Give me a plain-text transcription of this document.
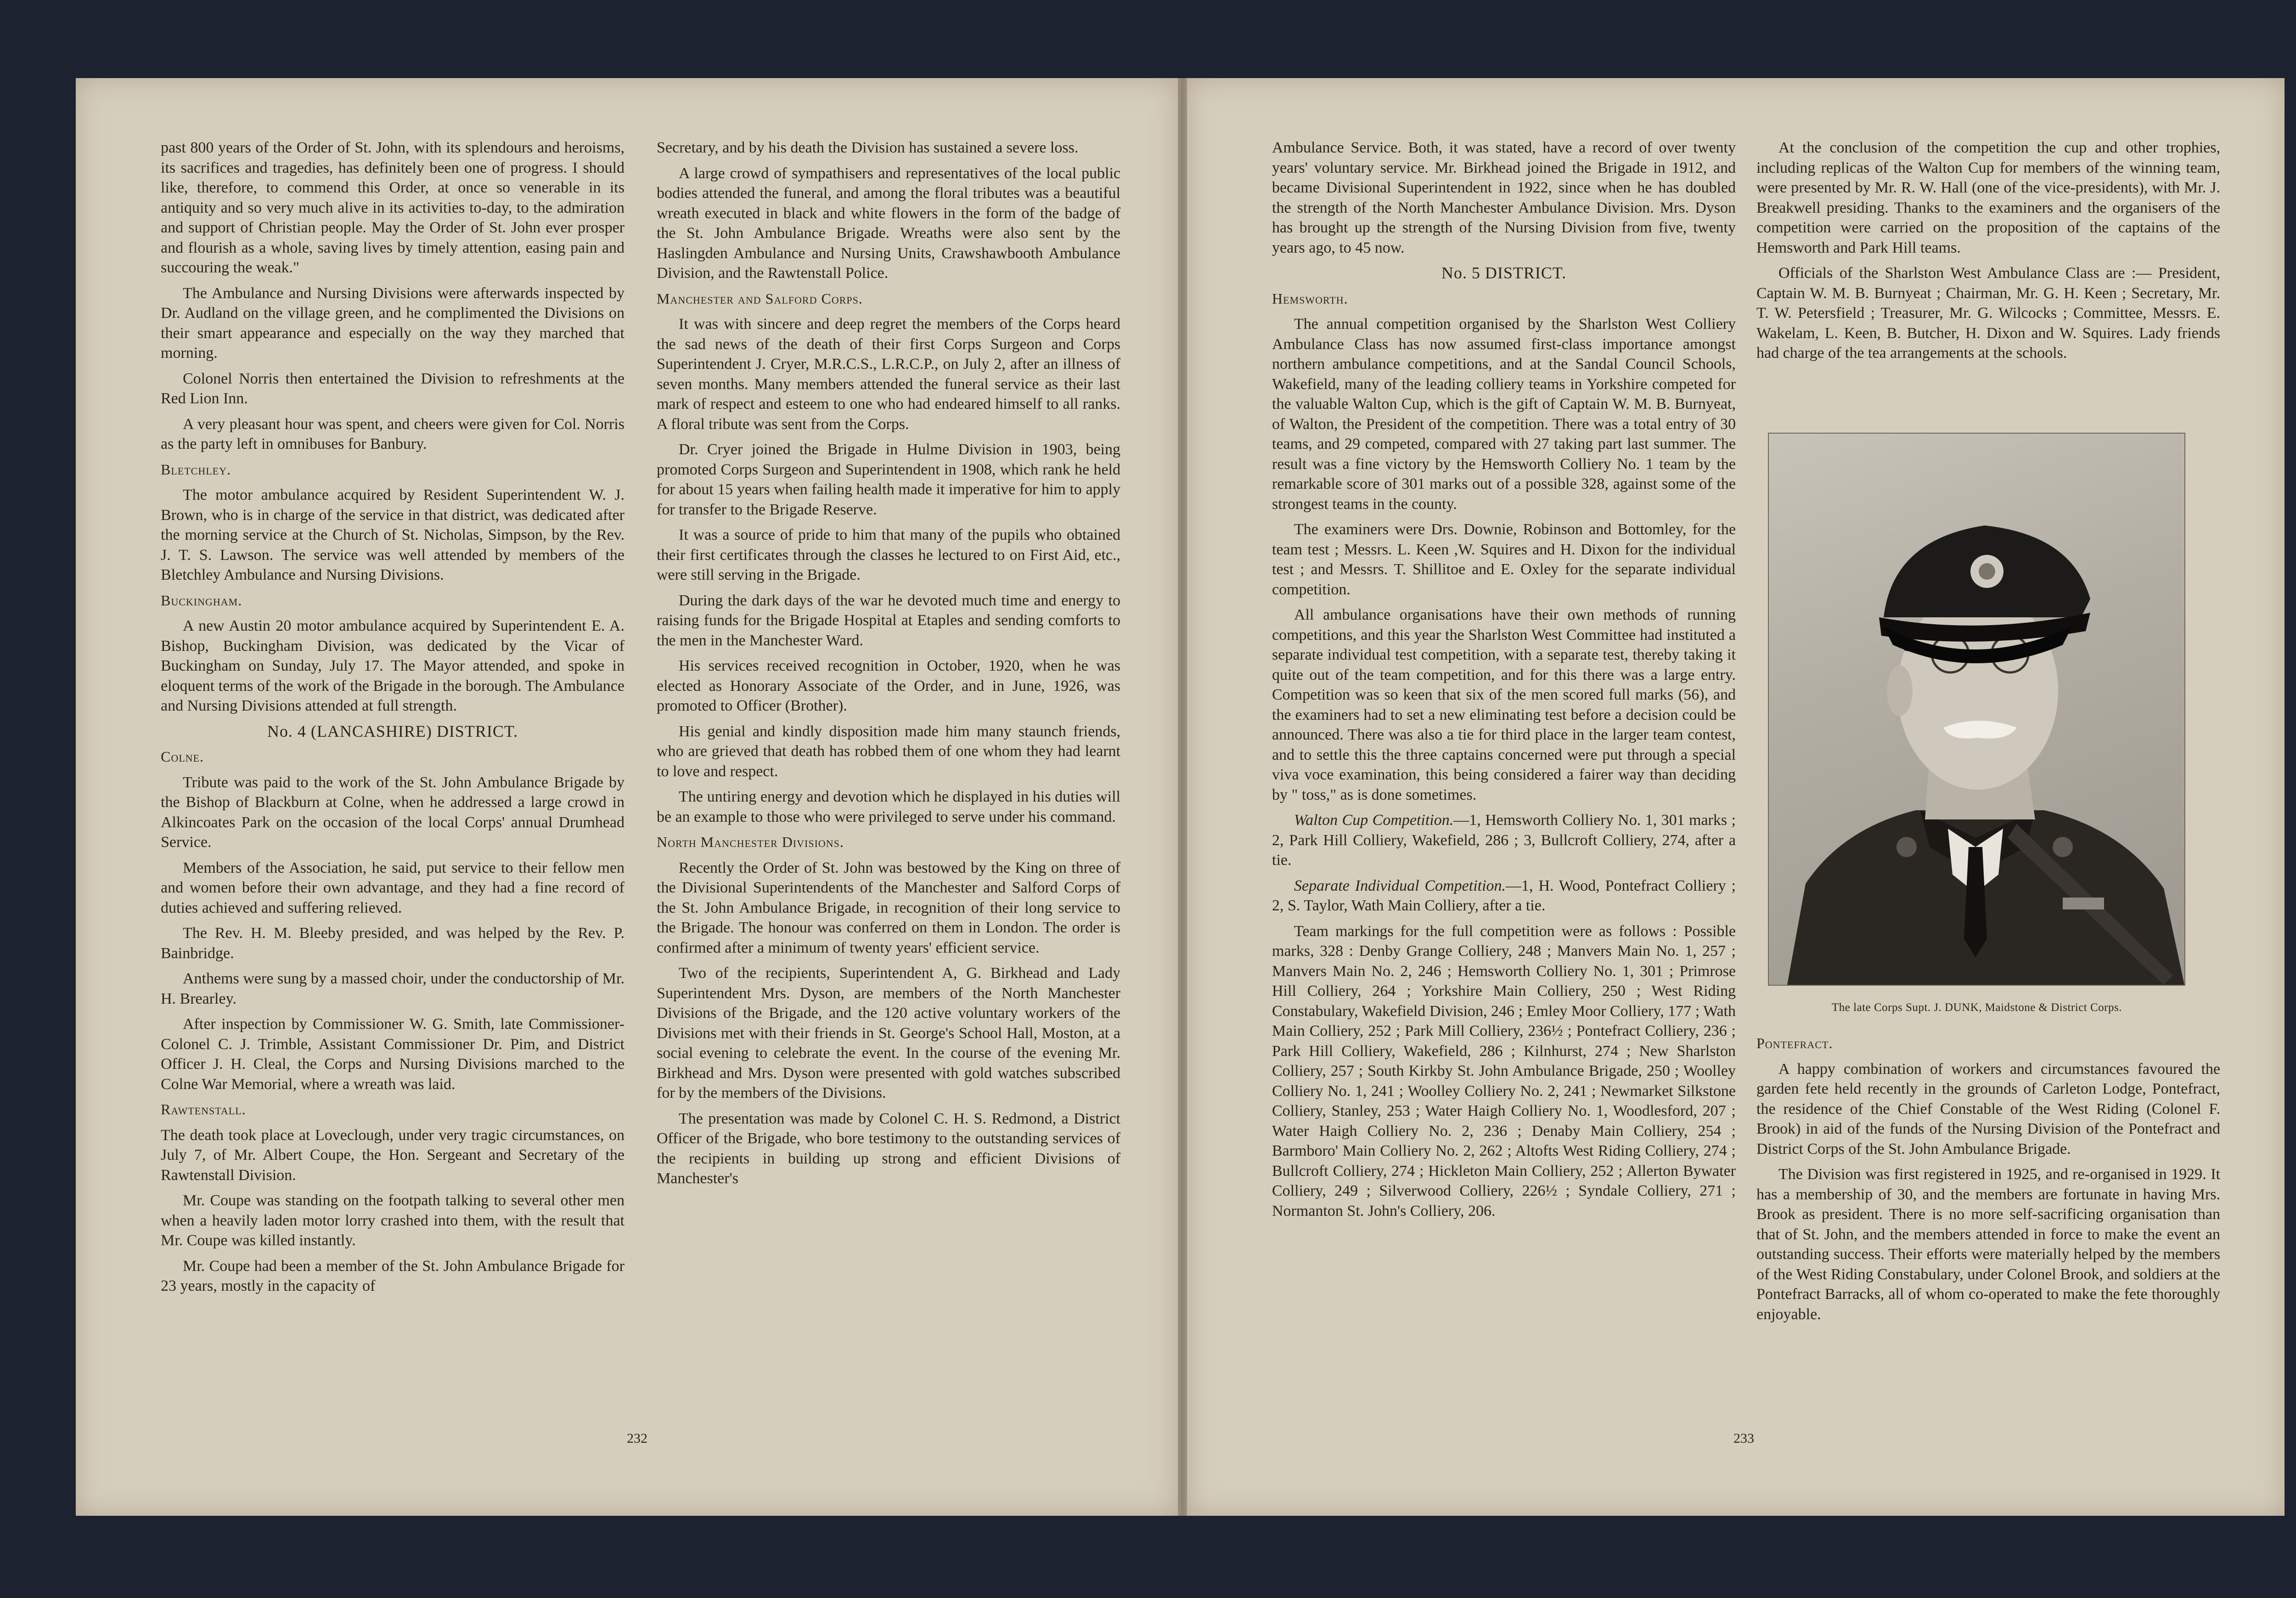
past 800 years of the Order of St. John, with its splendours and heroisms, its sacrifices and tragedies, has definitely been one of progress. I should like, therefore, to commend this Order, at once so venerable in its antiquity and so very much alive in its activities to-day, to the admiration and support of Christian people. May the Order of St. John ever prosper and flourish as a whole, saving lives by timely attention, easing pain and succouring the weak."

The Ambulance and Nursing Divisions were afterwards inspected by Dr. Audland on the village green, and he complimented the Divisions on their smart appearance and especially on the way they marched that morning.

Colonel Norris then entertained the Division to refreshments at the Red Lion Inn.

A very pleasant hour was spent, and cheers were given for Col. Norris as the party left in omnibuses for Banbury.

Bletchley.

The motor ambulance acquired by Resident Superintendent W. J. Brown, who is in charge of the service in that district, was dedicated after the morning service at the Church of St. Nicholas, Simpson, by the Rev. J. T. S. Lawson. The service was well attended by members of the Bletchley Ambulance and Nursing Divisions.

Buckingham.

A new Austin 20 motor ambulance acquired by Superintendent E. A. Bishop, Buckingham Division, was dedicated by the Vicar of Buckingham on Sunday, July 17. The Mayor attended, and spoke in eloquent terms of the work of the Brigade in the borough. The Ambulance and Nursing Divisions attended at full strength.

No. 4 (LANCASHIRE) DISTRICT.

Colne.

Tribute was paid to the work of the St. John Ambulance Brigade by the Bishop of Blackburn at Colne, when he addressed a large crowd in Alkincoates Park on the occasion of the local Corps' annual Drumhead Service.

Members of the Association, he said, put service to their fellow men and women before their own advantage, and they had a fine record of duties achieved and suffering relieved.

The Rev. H. M. Bleeby presided, and was helped by the Rev. P. Bainbridge.

Anthems were sung by a massed choir, under the conductorship of Mr. H. Brearley.

After inspection by Commissioner W. G. Smith, late Commissioner-Colonel C. J. Trimble, Assistant Commissioner Dr. Pim, and District Officer J. H. Cleal, the Corps and Nursing Divisions marched to the Colne War Memorial, where a wreath was laid.

Rawtenstall.

The death took place at Loveclough, under very tragic circumstances, on July 7, of Mr. Albert Coupe, the Hon. Sergeant and Secretary of the Rawtenstall Division.

Mr. Coupe was standing on the footpath talking to several other men when a heavily laden motor lorry crashed into them, with the result that Mr. Coupe was killed instantly.

Mr. Coupe had been a member of the St. John Ambulance Brigade for 23 years, mostly in the capacity of

Secretary, and by his death the Division has sustained a severe loss.

A large crowd of sympathisers and representatives of the local public bodies attended the funeral, and among the floral tributes was a beautiful wreath executed in black and white flowers in the form of the badge of the St. John Ambulance Brigade. Wreaths were also sent by the Haslingden Ambulance and Nursing Units, Crawshawbooth Ambulance Division, and the Rawtenstall Police.

Manchester and Salford Corps.

It was with sincere and deep regret the members of the Corps heard the sad news of the death of their first Corps Surgeon and Corps Superintendent J. Cryer, M.R.C.S., L.R.C.P., on July 2, after an illness of seven months. Many members attended the funeral service as their last mark of respect and esteem to one who had endeared himself to all ranks. A floral tribute was sent from the Corps.

Dr. Cryer joined the Brigade in Hulme Division in 1903, being promoted Corps Surgeon and Superintendent in 1908, which rank he held for about 15 years when failing health made it imperative for him to apply for transfer to the Brigade Reserve.

It was a source of pride to him that many of the pupils who obtained their first certificates through the classes he lectured to on First Aid, etc., were still serving in the Brigade.

During the dark days of the war he devoted much time and energy to raising funds for the Brigade Hospital at Etaples and sending comforts to the men in the Manchester Ward.

His services received recognition in October, 1920, when he was elected as Honorary Associate of the Order, and in June, 1926, was promoted to Officer (Brother).

His genial and kindly disposition made him many staunch friends, who are grieved that death has robbed them of one whom they had learnt to love and respect.

The untiring energy and devotion which he displayed in his duties will be an example to those who were privileged to serve under his command.

North Manchester Divisions.

Recently the Order of St. John was bestowed by the King on three of the Divisional Superintendents of the Manchester and Salford Corps of the St. John Ambulance Brigade, in recognition of their long service to the Brigade. The honour was conferred on them in London. The order is confirmed after a minimum of twenty years' efficient service.

Two of the recipients, Superintendent A, G. Birkhead and Lady Superintendent Mrs. Dyson, are members of the North Manchester Divisions of the Brigade, and the 120 active voluntary workers of the Divisions met with their friends in St. George's School Hall, Moston, at a social evening to celebrate the event. In the course of the evening Mr. Birkhead and Mrs. Dyson were presented with gold watches subscribed for by the members of the Divisions.

The presentation was made by Colonel C. H. S. Redmond, a District Officer of the Brigade, who bore testimony to the outstanding services of the recipients in building up strong and efficient Divisions of Manchester's

232

Ambulance Service. Both, it was stated, have a record of over twenty years' voluntary service. Mr. Birkhead joined the Brigade in 1912, and became Divisional Superintendent in 1922, since when he has doubled the strength of the North Manchester Ambulance Division. Mrs. Dyson has brought up the strength of the Nursing Division from five, twenty years ago, to 45 now.

No. 5 DISTRICT.

Hemsworth.

The annual competition organised by the Sharlston West Colliery Ambulance Class has now assumed first-class importance amongst northern ambulance competitions, and at the Sandal Council Schools, Wakefield, many of the leading colliery teams in Yorkshire competed for the valuable Walton Cup, which is the gift of Captain W. M. B. Burnyeat, of Walton, the President of the competition. There was a total entry of 30 teams, and 29 competed, compared with 27 taking part last summer. The result was a fine victory by the Hemsworth Colliery No. 1 team by the remarkable score of 301 marks out of a possible 328, against some of the strongest teams in the county.

The examiners were Drs. Downie, Robinson and Bottomley, for the team test ; Messrs. L. Keen ,W. Squires and H. Dixon for the individual test ; and Messrs. T. Shillitoe and E. Oxley for the separate individual competition.

All ambulance organisations have their own methods of running competitions, and this year the Sharlston West Committee had instituted a separate individual test competition, with a separate test, thereby taking it quite out of the team competition, and for this there was a large entry. Competition was so keen that six of the men scored full marks (56), and the examiners had to set a new eliminating test before a decision could be announced. There was also a tie for third place in the larger team contest, and to settle this the three captains concerned were put through a special viva voce examination, this being considered a fairer way than deciding by " toss," as is done sometimes.

Walton Cup Competition.—1, Hemsworth Colliery No. 1, 301 marks ; 2, Park Hill Colliery, Wakefield, 286 ; 3, Bullcroft Colliery, 274, after a tie.

Separate Individual Competition.—1, H. Wood, Pontefract Colliery ; 2, S. Taylor, Wath Main Colliery, after a tie.

Team markings for the full competition were as follows : Possible marks, 328 : Denby Grange Colliery, 248 ; Manvers Main No. 1, 257 ; Manvers Main No. 2, 246 ; Hemsworth Colliery No. 1, 301 ; Primrose Hill Colliery, 264 ; Yorkshire Main Colliery, 250 ; West Riding Constabulary, Wakefield Division, 246 ; Emley Moor Colliery, 177 ; Wath Main Colliery, 252 ; Park Mill Colliery, 236½ ; Pontefract Colliery, 236 ; Park Hill Colliery, Wakefield, 286 ; Kilnhurst, 274 ; New Sharlston Colliery, 257 ; South Kirkby St. John Ambulance Brigade, 250 ; Woolley Colliery No. 1, 241 ; Woolley Colliery No. 2, 241 ; Newmarket Silkstone Colliery, Stanley, 253 ; Water Haigh Colliery No. 1, Woodlesford, 207 ; Water Haigh Colliery No. 2, 236 ; Denaby Main Colliery, 254 ; Barmboro' Main Colliery No. 2, 262 ; Altofts West Riding Colliery, 274 ; Bullcroft Colliery, 274 ; Hickleton Main Colliery, 252 ; Allerton Bywater Colliery, 249 ; Silverwood Colliery, 226½ ; Syndale Colliery, 271 ; Normanton St. John's Colliery, 206.

At the conclusion of the competition the cup and other trophies, including replicas of the Walton Cup for members of the winning team, were presented by Mr. R. W. Hall (one of the vice-presidents), with Mr. J. Breakwell presiding. Thanks to the examiners and the organisers of the competition were carried on the proposition of the captains of the Hemsworth and Park Hill teams.

Officials of the Sharlston West Ambulance Class are :— President, Captain W. M. B. Burnyeat ; Chairman, Mr. G. H. Keen ; Secretary, Mr. T. W. Petersfield ; Treasurer, Mr. G. Wilcocks ; Committee, Messrs. E. Wakelam, L. Keen, B. Butcher, H. Dixon and W. Squires. Lady friends had charge of the tea arrangements at the schools.

The late Corps Supt. J. DUNK, Maidstone & District Corps.

Pontefract.

A happy combination of workers and circumstances favoured the garden fete held recently in the grounds of Carleton Lodge, Pontefract, the residence of the Chief Constable of the West Riding (Colonel F. Brook) in aid of the funds of the Nursing Division of the Pontefract and District Corps of the St. John Ambulance Brigade.

The Division was first registered in 1925, and re-organised in 1929. It has a membership of 30, and the members are fortunate in having Mrs. Brook as president. There is no more self-sacrificing organisation than that of St. John, and the members attended in force to make the event an outstanding success. Their efforts were materially helped by the members of the West Riding Constabulary, under Colonel Brook, and soldiers at the Pontefract Barracks, all of whom co-operated to make the fete thoroughly enjoyable.

233
